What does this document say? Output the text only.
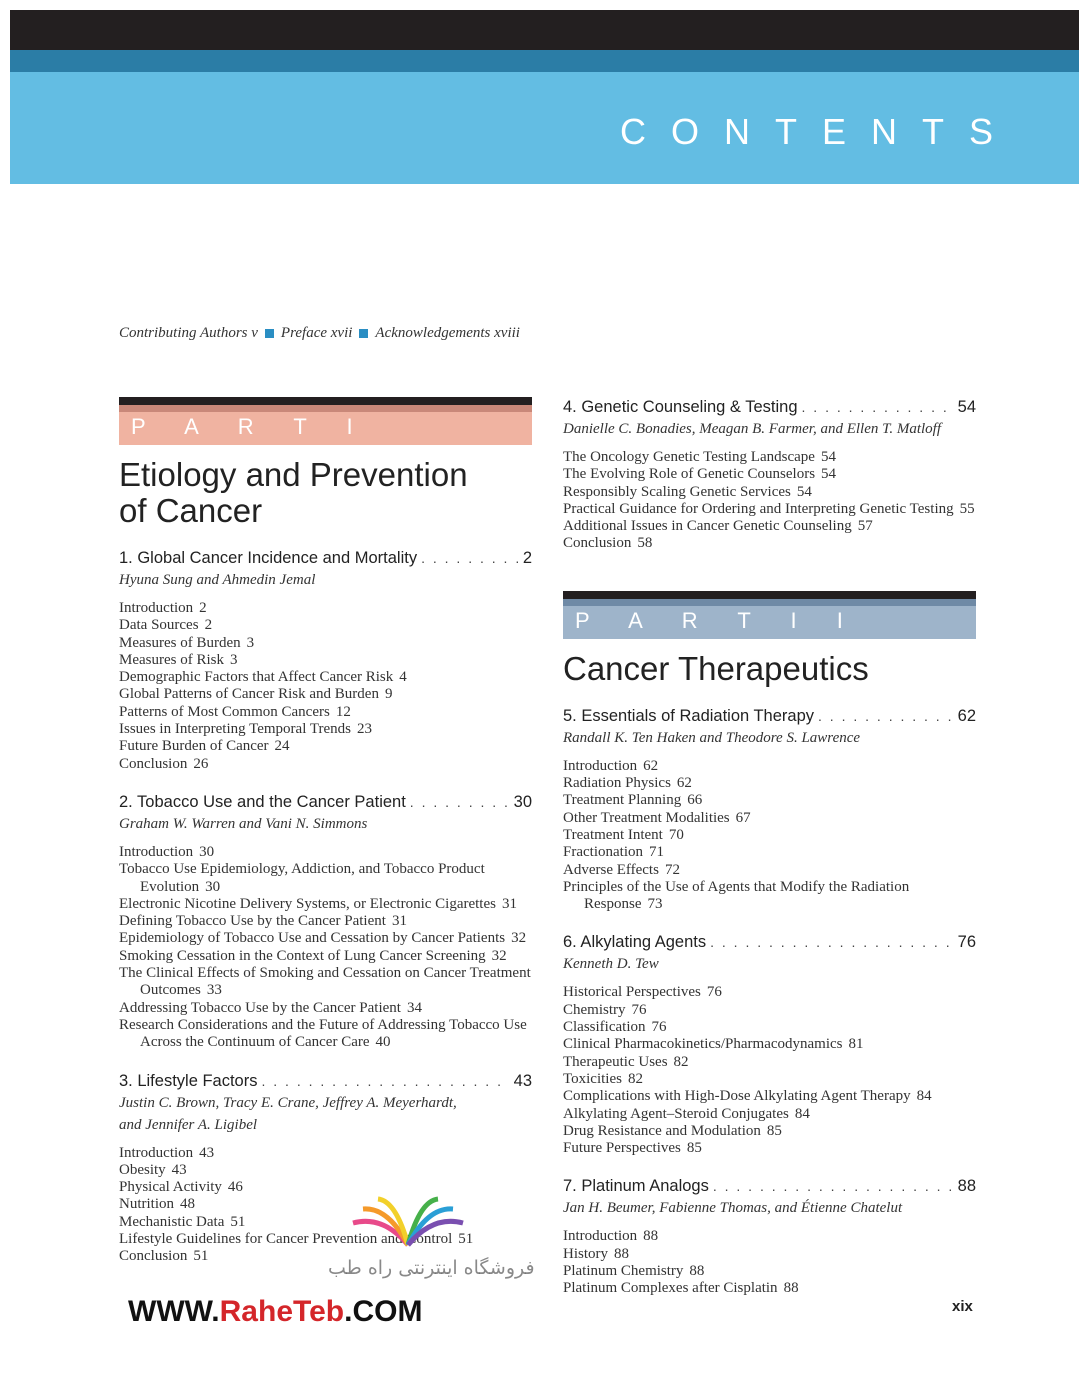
CONTENTS
Contributing Authors v Preface xvii Acknowledgements xviii
P A R T I
Etiology and Prevention
of Cancer
1. Global Cancer Incidence and Mortality . . .	2
Hyuna Sung and Ahmedin Jemal
Introduction 2
Data Sources 2
Measures of Burden 3
Measures of Risk 3
Demographic Factors that Affect Cancer Risk 4
Global Patterns of Cancer Risk and Burden 9
Patterns of Most Common Cancers 12
Issues in Interpreting Temporal Trends 23
Future Burden of Cancer 24
Conclusion 26
2. Tobacco Use and the Cancer Patient . . .	30
Graham W. Warren and Vani N. Simmons
Introduction 30
Tobacco Use Epidemiology, Addiction, and Tobacco Product Evolution 30
Electronic Nicotine Delivery Systems, or Electronic Cigarettes 31
Defining Tobacco Use by the Cancer Patient 31
Epidemiology of Tobacco Use and Cessation by Cancer Patients 32
Smoking Cessation in the Context of Lung Cancer Screening 32
The Clinical Effects of Smoking and Cessation on Cancer Treatment Outcomes 33
Addressing Tobacco Use by the Cancer Patient 34
Research Considerations and the Future of Addressing Tobacco Use Across the Continuum of Cancer Care 40
3. Lifestyle Factors . . .	43
Justin C. Brown, Tracy E. Crane, Jeffrey A. Meyerhardt,
and Jennifer A. Ligibel
Introduction 43
Obesity 43
Physical Activity 46
Nutrition 48
Mechanistic Data 51
Lifestyle Guidelines for Cancer Prevention and Control 51
Conclusion 51
4. Genetic Counseling & Testing . . .	54
Danielle C. Bonadies, Meagan B. Farmer, and Ellen T. Matloff
The Oncology Genetic Testing Landscape 54
The Evolving Role of Genetic Counselors 54
Responsibly Scaling Genetic Services 54
Practical Guidance for Ordering and Interpreting Genetic Testing 55
Additional Issues in Cancer Genetic Counseling 57
Conclusion 58
P A R T I I
Cancer Therapeutics
5. Essentials of Radiation Therapy . . .	62
Randall K. Ten Haken and Theodore S. Lawrence
Introduction 62
Radiation Physics 62
Treatment Planning 66
Other Treatment Modalities 67
Treatment Intent 70
Fractionation 71
Adverse Effects 72
Principles of the Use of Agents that Modify the Radiation Response 73
6. Alkylating Agents . . .	76
Kenneth D. Tew
Historical Perspectives 76
Chemistry 76
Classification 76
Clinical Pharmacokinetics/Pharmacodynamics 81
Therapeutic Uses 82
Toxicities 82
Complications with High-Dose Alkylating Agent Therapy 84
Alkylating Agent–Steroid Conjugates 84
Drug Resistance and Modulation 85
Future Perspectives 85
7. Platinum Analogs . . .	88
Jan H. Beumer, Fabienne Thomas, and Étienne Chatelut
Introduction 88
History 88
Platinum Chemistry 88
Platinum Complexes after Cisplatin 88
xix
فروشگاه اینترنتی راه طب
WWW.RaheTeb.COM
